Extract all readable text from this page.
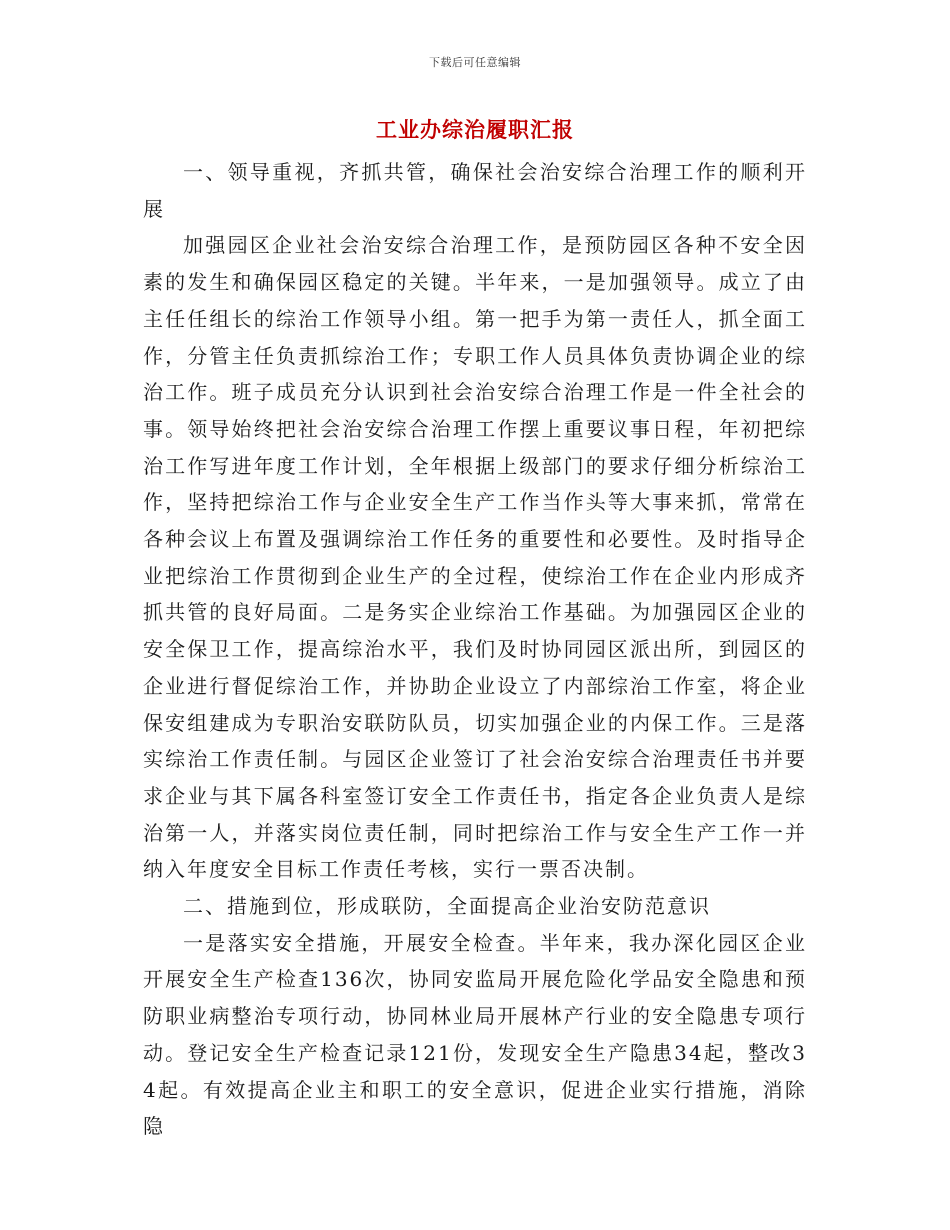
下载后可任意编辑
工业办综治履职汇报

一、领导重视，齐抓共管，确保社会治安综合治理工作的顺利开展

加强园区企业社会治安综合治理工作，是预防园区各种不安全因素的发生和确保园区稳定的关键。半年来，一是加强领导。成立了由主任任组长的综治工作领导小组。第一把手为第一责任人，抓全面工作，分管主任负责抓综治工作；专职工作人员具体负责协调企业的综治工作。班子成员充分认识到社会治安综合治理工作是一件全社会的事。领导始终把社会治安综合治理工作摆上重要议事日程，年初把综治工作写进年度工作计划，全年根据上级部门的要求仔细分析综治工作，坚持把综治工作与企业安全生产工作当作头等大事来抓，常常在各种会议上布置及强调综治工作任务的重要性和必要性。及时指导企业把综治工作贯彻到企业生产的全过程，使综治工作在企业内形成齐抓共管的良好局面。二是务实企业综治工作基础。为加强园区企业的安全保卫工作，提高综治水平，我们及时协同园区派出所，到园区的企业进行督促综治工作，并协助企业设立了内部综治工作室，将企业保安组建成为专职治安联防队员，切实加强企业的内保工作。三是落实综治工作责任制。与园区企业签订了社会治安综合治理责任书并要求企业与其下属各科室签订安全工作责任书，指定各企业负责人是综治第一人，并落实岗位责任制，同时把综治工作与安全生产工作一并纳入年度安全目标工作责任考核，实行一票否决制。

二、措施到位，形成联防，全面提高企业治安防范意识

一是落实安全措施，开展安全检查。半年来，我办深化园区企业开展安全生产检查136次，协同安监局开展危险化学品安全隐患和预防职业病整治专项行动，协同林业局开展林产行业的安全隐患专项行动。登记安全生产检查记录121份，发现安全生产隐患34起，整改34起。有效提高企业主和职工的安全意识，促进企业实行措施，消除隐
